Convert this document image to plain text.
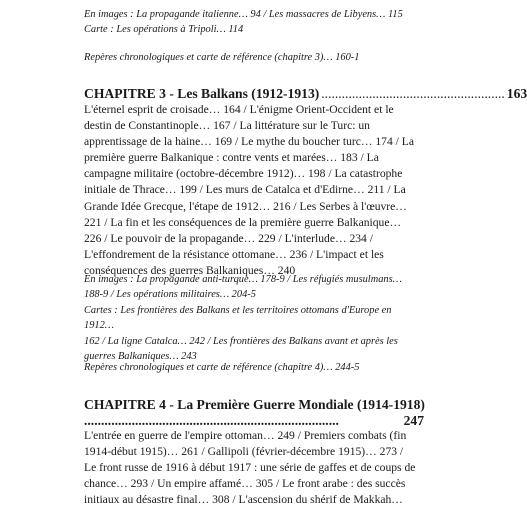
En images : La propagande italienne… 94 / Les massacres de Libyens… 115

Carte : Les opérations à Tripoli… 114

Repères chronologiques et carte de référence (chapitre 3)… 160-1

CHAPITRE 3 - Les Balkans (1912-1913) ...................................................... 163

L'éternel esprit de croisade… 164 / L'énigme Orient-Occident et le

destin de Constantinople… 167 / La littérature sur le Turc: un

apprentissage de la haine… 169 / Le mythe du boucher turc… 174 / La

première guerre Balkanique : contre vents et marées… 183 / La

campagne militaire (octobre-décembre 1912)… 198 / La catastrophe

initiale de Thrace… 199 / Les murs de Catalca et d'Edirne… 211 / La

Grande Idée Grecque, l'étape de 1912… 216 / Les Serbes à l'œuvre…

221 / La fin et les conséquences de la première guerre Balkanique…

226 / Le pouvoir de la propagande… 229 / L'interlude… 234 /

L'effondrement de la résistance ottomane… 236 / L'impact et les

conséquences des guerres Balkaniques… 240

En images : La propagande anti-turque… 178-9 / Les réfugiés musulmans…

188-9 / Les opérations militaires… 204-5

Cartes : Les frontières des Balkans et les territoires ottomans d'Europe en 1912…

162 / La ligne Catalca… 242 / Les frontières des Balkans avant et après les

guerres Balkaniques… 243

Repères chronologiques et carte de référence (chapitre 4)… 244-5

CHAPITRE 4 - La Première Guerre Mondiale (1914-1918)
...........................................................................	247

L'entrée en guerre de l'empire ottoman… 249 / Premiers combats (fin

1914-début 1915)… 261 / Gallipoli (février-décembre 1915)… 273 /

Le front russe de 1916 à début 1917 : une série de gaffes et de coups de

chance… 293 / Un empire affamé… 305 / Le front arabe : des succès

initiaux au désastre final… 308 / L'ascension du shérif de Makkah…
